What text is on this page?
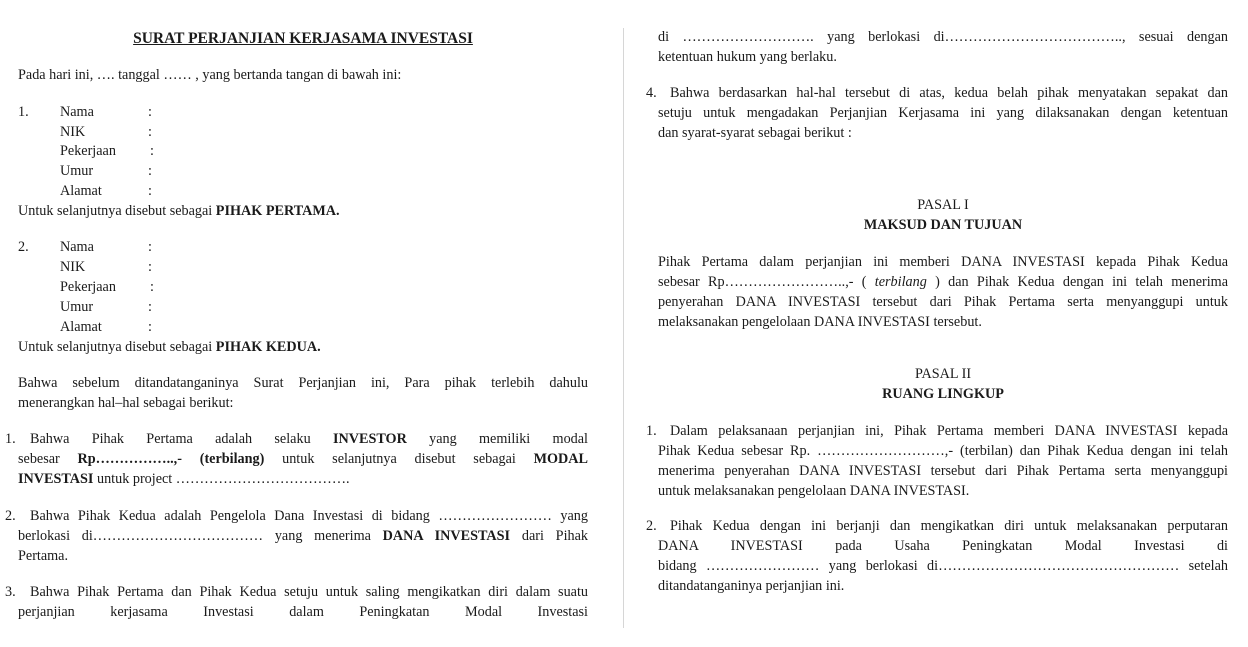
SURAT PERJANJIAN KERJASAMA INVESTASI
Pada hari ini, …. tanggal …… , yang bertanda tangan di bawah ini:
1. Nama	:
NIK	:
Pekerjaan :
Umur	:
Alamat	:
Untuk selanjutnya disebut sebagai PIHAK PERTAMA.
2. Nama	:
NIK	:
Pekerjaan :
Umur	:
Alamat	:
Untuk selanjutnya disebut sebagai PIHAK KEDUA.
Bahwa sebelum ditandatanganinya Surat Perjanjian ini, Para pihak terlebih dahulu
menerangkan hal–hal sebagai berikut:
1. Bahwa Pihak Pertama adalah selaku INVESTOR yang memiliki modal
sebesar Rp……………..,- (terbilang) untuk selanjutnya disebut sebagai MODAL
INVESTASI untuk project ……………………………….
2. Bahwa Pihak Kedua adalah Pengelola Dana Investasi di bidang …………………… yang
berlokasi di……………………………… yang menerima DANA INVESTASI dari Pihak
Pertama.
3. Bahwa Pihak Pertama dan Pihak Kedua setuju untuk saling mengikatkan diri dalam suatu
perjanjian kerjasama Investasi dalam Peningkatan Modal Investasi
di ………………………. yang berlokasi di……………………………….., sesuai dengan
ketentuan hukum yang berlaku.
4. Bahwa berdasarkan hal-hal tersebut di atas, kedua belah pihak menyatakan sepakat dan
setuju untuk mengadakan Perjanjian Kerjasama ini yang dilaksanakan dengan ketentuan
dan syarat-syarat sebagai berikut :
PASAL I
MAKSUD DAN TUJUAN
Pihak Pertama dalam perjanjian ini memberi DANA INVESTASI kepada Pihak Kedua
sebesar Rp……………………..,- ( terbilang ) dan Pihak Kedua dengan ini telah menerima
penyerahan DANA INVESTASI tersebut dari Pihak Pertama serta menyanggupi untuk
melaksanakan pengelolaan DANA INVESTASI tersebut.
PASAL II
RUANG LINGKUP
1. Dalam pelaksanaan perjanjian ini, Pihak Pertama memberi DANA INVESTASI kepada
Pihak Kedua sebesar Rp. ………………………,- (terbilan) dan Pihak Kedua dengan ini telah
menerima penyerahan DANA INVESTASI tersebut dari Pihak Pertama serta menyanggupi
untuk melaksanakan pengelolaan DANA INVESTASI.
2. Pihak Kedua dengan ini berjanji dan mengikatkan diri untuk melaksanakan perputaran
DANA INVESTASI pada Usaha Peningkatan Modal Investasi di
bidang …………………… yang berlokasi di…………………………………………… setelah
ditandatanganinya perjanjian ini.
